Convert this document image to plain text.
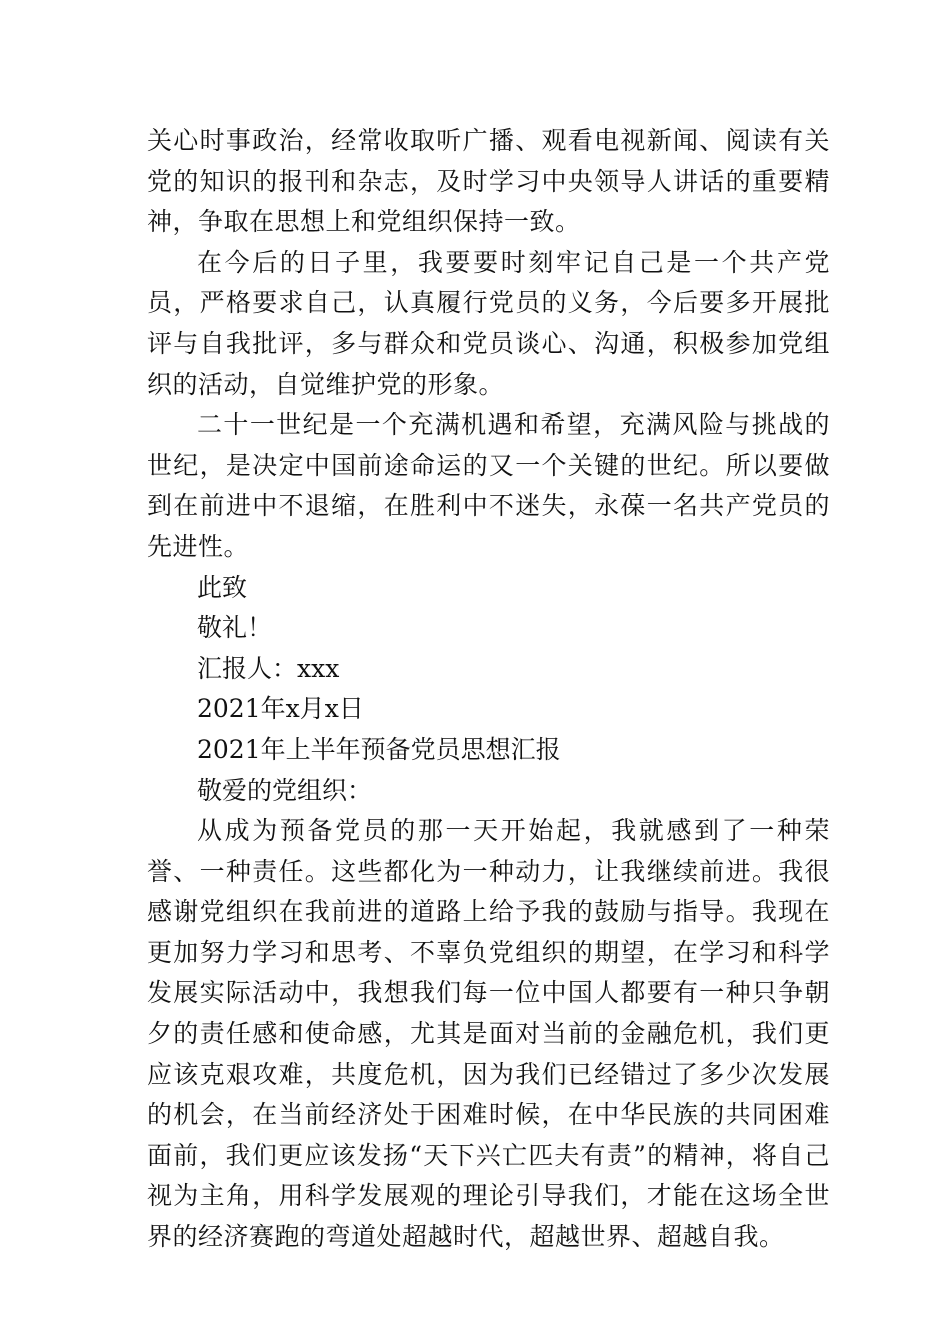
关心时事政治，经常收取听广播、观看电视新闻、阅读有关党的知识的报刊和杂志，及时学习中央领导人讲话的重要精神，争取在思想上和党组织保持一致。

在今后的日子里，我要要时刻牢记自己是一个共产党员，严格要求自己，认真履行党员的义务，今后要多开展批评与自我批评，多与群众和党员谈心、沟通，积极参加党组织的活动，自觉维护党的形象。

二十一世纪是一个充满机遇和希望，充满风险与挑战的世纪，是决定中国前途命运的又一个关键的世纪。所以要做到在前进中不退缩，在胜利中不迷失，永葆一名共产党员的先进性。

此致

敬礼！

汇报人：xxx

2021年x月x日

2021年上半年预备党员思想汇报

敬爱的党组织：

从成为预备党员的那一天开始起，我就感到了一种荣誉、一种责任。这些都化为一种动力，让我继续前进。我很感谢党组织在我前进的道路上给予我的鼓励与指导。我现在更加努力学习和思考、不辜负党组织的期望，在学习和科学发展实际活动中，我想我们每一位中国人都要有一种只争朝夕的责任感和使命感，尤其是面对当前的金融危机，我们更应该克艰攻难，共度危机，因为我们已经错过了多少次发展的机会，在当前经济处于困难时候，在中华民族的共同困难面前，我们更应该发扬“天下兴亡匹夫有责”的精神，将自己视为主角，用科学发展观的理论引导我们，才能在这场全世界的经济赛跑的弯道处超越时代，超越世界、超越自我。
